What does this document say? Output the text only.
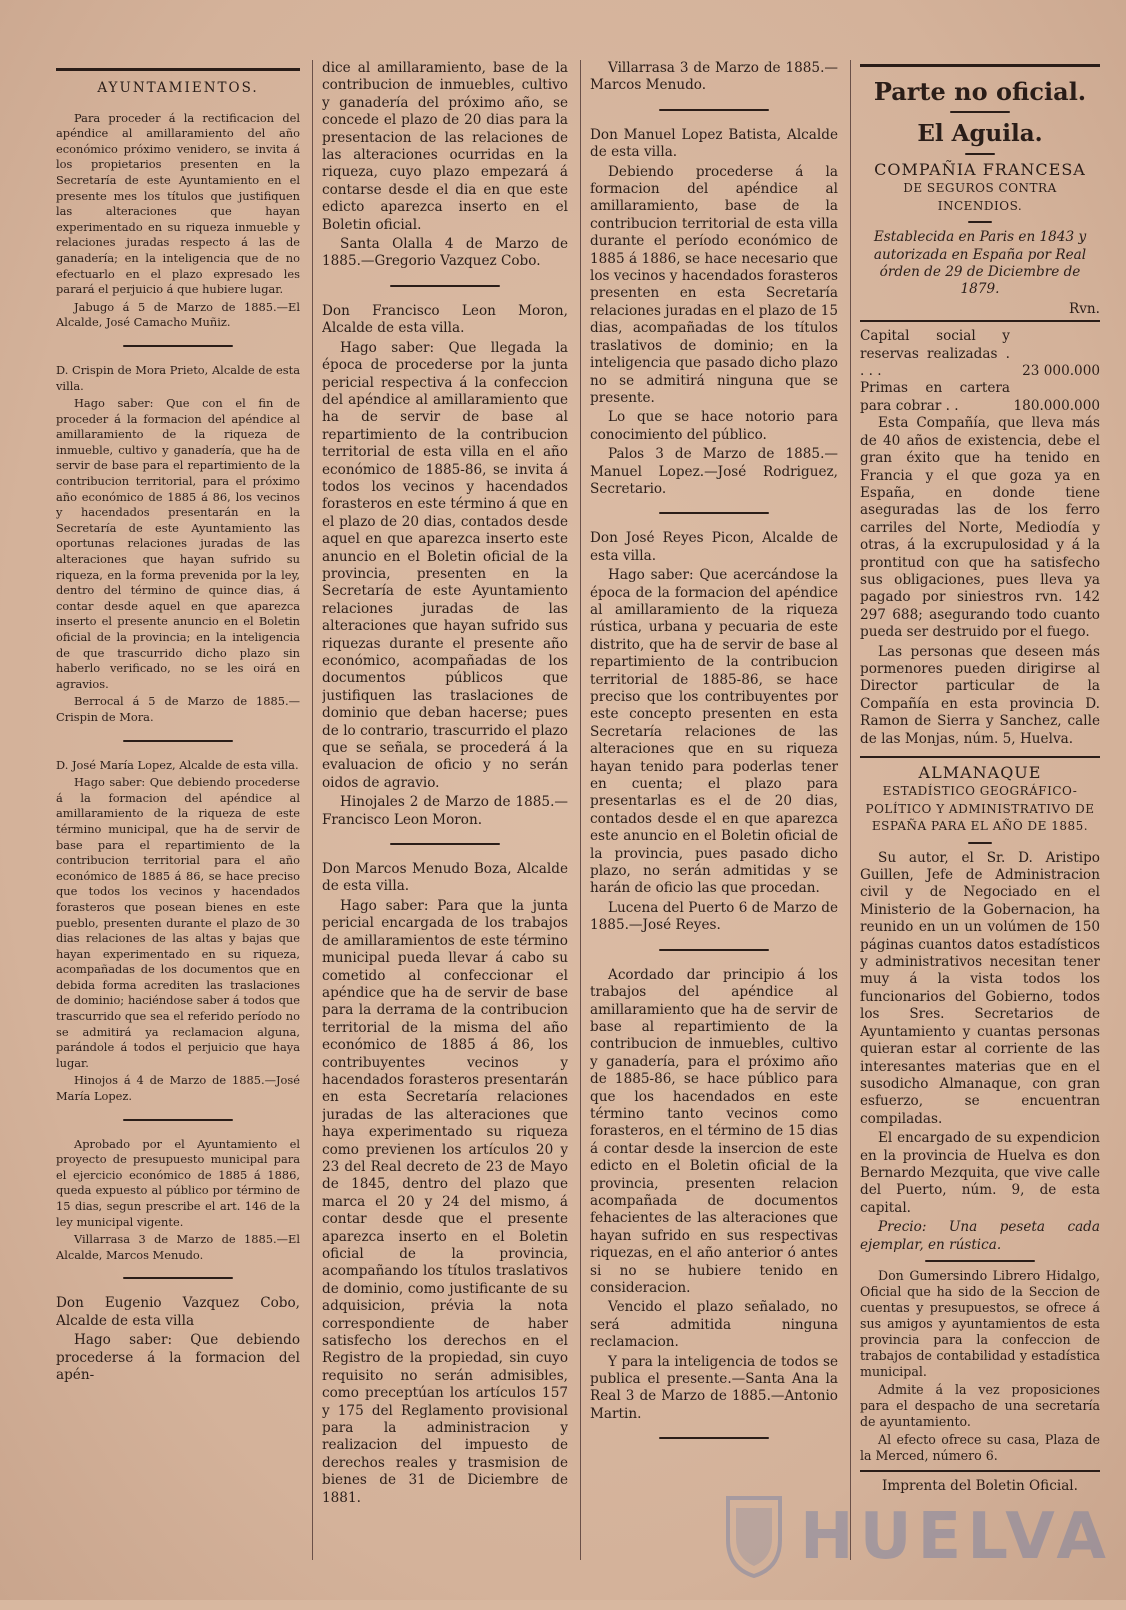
AYUNTAMIENTOS.

Para proceder á la rectificacion del apéndice al amillaramiento del año económico próximo venidero, se invita á los propietarios presenten en la Secretaría de este Ayuntamiento en el presente mes los títulos que justifiquen las alteraciones que hayan experimentado en su riqueza inmueble y relaciones juradas respecto á las de ganadería; en la inteligencia que de no efectuarlo en el plazo expresado les parará el perjuicio á que hubiere lugar.

Jabugo á 5 de Marzo de 1885.—El Alcalde, José Camacho Muñiz.

D. Crispin de Mora Prieto, Alcalde de esta villa.

Hago saber: Que con el fin de proceder á la formacion del apéndice al amillaramiento de la riqueza de inmueble, cultivo y ganadería, que ha de servir de base para el repartimiento de la contribucion territorial, para el próximo año económico de 1885 á 86, los vecinos y hacendados presentarán en la Secretaría de este Ayuntamiento las oportunas relaciones juradas de las alteraciones que hayan sufrido su riqueza, en la forma prevenida por la ley, dentro del término de quince dias, á contar desde aquel en que aparezca inserto el presente anuncio en el Boletin oficial de la provincia; en la inteligencia de que trascurrido dicho plazo sin haberlo verificado, no se les oirá en agravios.

Berrocal á 5 de Marzo de 1885.—Crispin de Mora.

D. José María Lopez, Alcalde de esta villa.

Hago saber: Que debiendo procederse á la formacion del apéndice al amillaramiento de la riqueza de este término municipal, que ha de servir de base para el repartimiento de la contribucion territorial para el año económico de 1885 á 86, se hace preciso que todos los vecinos y hacendados forasteros que posean bienes en este pueblo, presenten durante el plazo de 30 dias relaciones de las altas y bajas que hayan experimentado en su riqueza, acompañadas de los documentos que en debida forma acrediten las traslaciones de dominio; haciéndose saber á todos que trascurrido que sea el referido período no se admitirá ya reclamacion alguna, parándole á todos el perjuicio que haya lugar.

Hinojos á 4 de Marzo de 1885.—José María Lopez.

Aprobado por el Ayuntamiento el proyecto de presupuesto municipal para el ejercicio económico de 1885 á 1886, queda expuesto al público por término de 15 dias, segun prescribe el art. 146 de la ley municipal vigente.

Villarrasa 3 de Marzo de 1885.—El Alcalde, Marcos Menudo.

Don Eugenio Vazquez Cobo, Alcalde de esta villa

Hago saber: Que debiendo procederse á la formacion del apén-

dice al amillaramiento, base de la contribucion de inmuebles, cultivo y ganadería del próximo año, se concede el plazo de 20 dias para la presentacion de las relaciones de las alteraciones ocurridas en la riqueza, cuyo plazo empezará á contarse desde el dia en que este edicto aparezca inserto en el Boletin oficial.

Santa Olalla 4 de Marzo de 1885.—Gregorio Vazquez Cobo.

Don Francisco Leon Moron, Alcalde de esta villa.

Hago saber: Que llegada la época de procederse por la junta pericial respectiva á la confeccion del apéndice al amillaramiento que ha de servir de base al repartimiento de la contribucion territorial de esta villa en el año económico de 1885-86, se invita á todos los vecinos y hacendados forasteros en este término á que en el plazo de 20 dias, contados desde aquel en que aparezca inserto este anuncio en el Boletin oficial de la provincia, presenten en la Secretaría de este Ayuntamiento relaciones juradas de las alteraciones que hayan sufrido sus riquezas durante el presente año económico, acompañadas de los documentos públicos que justifiquen las traslaciones de dominio que deban hacerse; pues de lo contrario, trascurrido el plazo que se señala, se procederá á la evaluacion de oficio y no serán oidos de agravio.

Hinojales 2 de Marzo de 1885.—Francisco Leon Moron.

Don Marcos Menudo Boza, Alcalde de esta villa.

Hago saber: Para que la junta pericial encargada de los trabajos de amillaramientos de este término municipal pueda llevar á cabo su cometido al confeccionar el apéndice que ha de servir de base para la derrama de la contribucion territorial de la misma del año económico de 1885 á 86, los contribuyentes vecinos y hacendados forasteros presentarán en esta Secretaría relaciones juradas de las alteraciones que haya experimentado su riqueza como previenen los artículos 20 y 23 del Real decreto de 23 de Mayo de 1845, dentro del plazo que marca el 20 y 24 del mismo, á contar desde que el presente aparezca inserto en el Boletin oficial de la provincia, acompañando los títulos traslativos de dominio, como justificante de su adquisicion, prévia la nota correspondiente de haber satisfecho los derechos en el Registro de la propiedad, sin cuyo requisito no serán admisibles, como preceptúan los artículos 157 y 175 del Reglamento provisional para la administracion y realizacion del impuesto de derechos reales y trasmision de bienes de 31 de Diciembre de 1881.

Villarrasa 3 de Marzo de 1885.—Marcos Menudo.

Don Manuel Lopez Batista, Alcalde de esta villa.

Debiendo procederse á la formacion del apéndice al amillaramiento, base de la contribucion territorial de esta villa durante el período económico de 1885 á 1886, se hace necesario que los vecinos y hacendados forasteros presenten en esta Secretaría relaciones juradas en el plazo de 15 dias, acompañadas de los títulos traslativos de dominio; en la inteligencia que pasado dicho plazo no se admitirá ninguna que se presente.

Lo que se hace notorio para conocimiento del público.

Palos 3 de Marzo de 1885.—Manuel Lopez.—José Rodriguez, Secretario.

Don José Reyes Picon, Alcalde de esta villa.

Hago saber: Que acercándose la época de la formacion del apéndice al amillaramiento de la riqueza rústica, urbana y pecuaria de este distrito, que ha de servir de base al repartimiento de la contribucion territorial de 1885-86, se hace preciso que los contribuyentes por este concepto presenten en esta Secretaría relaciones de las alteraciones que en su riqueza hayan tenido para poderlas tener en cuenta; el plazo para presentarlas es el de 20 dias, contados desde el en que aparezca este anuncio en el Boletin oficial de la provincia, pues pasado dicho plazo, no serán admitidas y se harán de oficio las que procedan.

Lucena del Puerto 6 de Marzo de 1885.—José Reyes.

Acordado dar principio á los trabajos del apéndice al amillaramiento que ha de servir de base al repartimiento de la contribucion de inmuebles, cultivo y ganadería, para el próximo año de 1885-86, se hace público para que los hacendados en este término tanto vecinos como forasteros, en el término de 15 dias á contar desde la insercion de este edicto en el Boletin oficial de la provincia, presenten relacion acompañada de documentos fehacientes de las alteraciones que hayan sufrido en sus respectivas riquezas, en el año anterior ó antes si no se hubiere tenido en consideracion.

Vencido el plazo señalado, no será admitida ninguna reclamacion.

Y para la inteligencia de todos se publica el presente.—Santa Ana la Real 3 de Marzo de 1885.—Antonio Martin.

Parte no oficial.
El Aguila.

COMPAÑIA FRANCESA

DE SEGUROS CONTRA INCENDIOS.

Establecida en Paris en 1843 y autorizada en España por Real órden de 29 de Diciembre de 1879.

Rvn.

Capital social y reservas realizadas . . . .	23 000.000
Primas en cartera para cobrar . .	180.000.000

Esta Compañía, que lleva más de 40 años de existencia, debe el gran éxito que ha tenido en Francia y el que goza ya en España, en donde tiene aseguradas las de los ferro carriles del Norte, Mediodía y otras, á la excrupulosidad y á la prontitud con que ha satisfecho sus obligaciones, pues lleva ya pagado por siniestros rvn. 142 297 688; asegurando todo cuanto pueda ser destruido por el fuego.

Las personas que deseen más pormenores pueden dirigirse al Director particular de la Compañía en esta provincia D. Ramon de Sierra y Sanchez, calle de las Monjas, núm. 5, Huelva.

ALMANAQUE

ESTADÍSTICO GEOGRÁFICO-POLÍTICO Y ADMINISTRATIVO DE ESPAÑA PARA EL AÑO DE 1885.

Su autor, el Sr. D. Aristipo Guillen, Jefe de Administracion civil y de Negociado en el Ministerio de la Gobernacion, ha reunido en un un volúmen de 150 páginas cuantos datos estadísticos y administrativos necesitan tener muy á la vista todos los funcionarios del Gobierno, todos los Sres. Secretarios de Ayuntamiento y cuantas personas quieran estar al corriente de las interesantes materias que en el susodicho Almanaque, con gran esfuerzo, se encuentran compiladas.

El encargado de su expendicion en la provincia de Huelva es don Bernardo Mezquita, que vive calle del Puerto, núm. 9, de esta capital.

Precio: Una peseta cada ejemplar, en rústica.

Don Gumersindo Librero Hidalgo, Oficial que ha sido de la Seccion de cuentas y presupuestos, se ofrece á sus amigos y ayuntamientos de esta provincia para la confeccion de trabajos de contabilidad y estadística municipal.

Admite á la vez proposiciones para el despacho de una secretaría de ayuntamiento.

Al efecto ofrece su casa, Plaza de la Merced, número 6.

Imprenta del Boletin Oficial.

HUELVA
